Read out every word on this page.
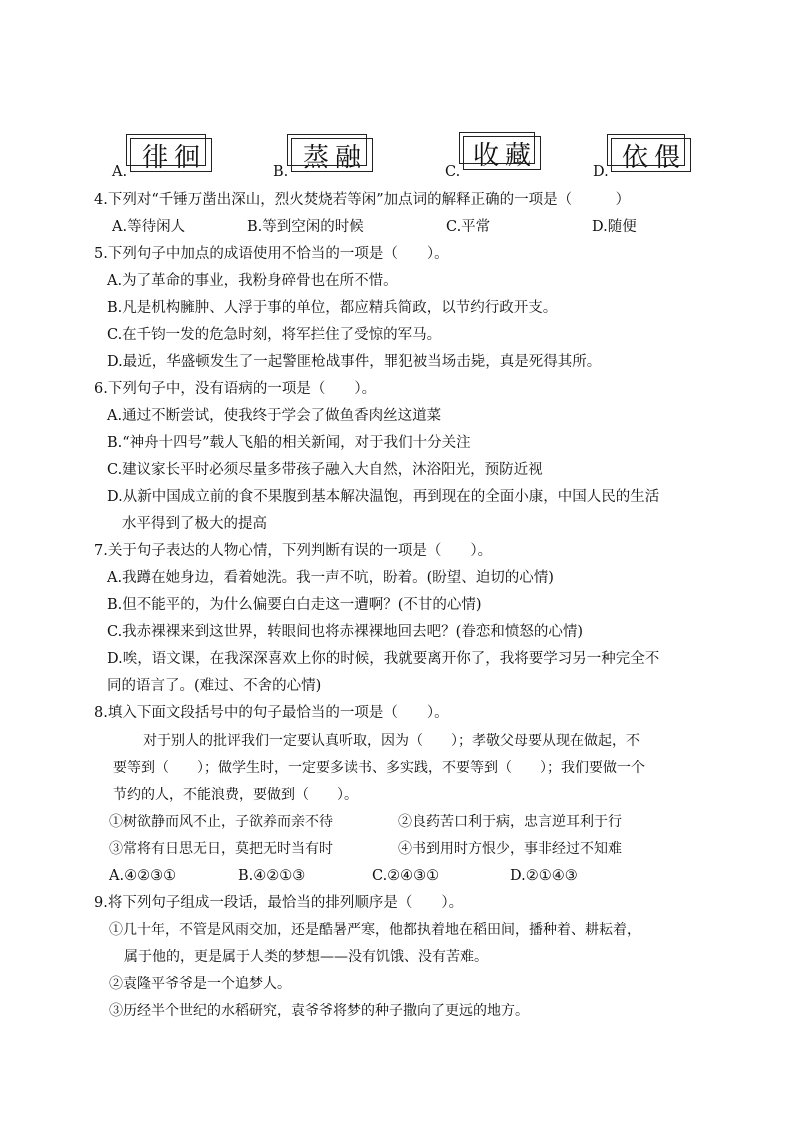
A. 徘徊	B. 蒸融	C.
收藏
D. 依偎
4.下列对“千锤万凿出深山，烈火焚烧若等闲”加点词的解释正确的一项是（　　　）
A.等待闲人	B.等到空闲的时候	C.平常	D.随便
5.下列句子中加点的成语使用不恰当的一项是（　　）。
A.为了革命的事业，我粉身碎骨也在所不惜。
B.凡是机构臃肿、人浮于事的单位，都应精兵简政，以节约行政开支。
C.在千钧一发的危急时刻，将军拦住了受惊的军马。
D.最近，华盛顿发生了一起警匪枪战事件，罪犯被当场击毙，真是死得其所。
6.下列句子中，没有语病的一项是（　　）。
A.通过不断尝试，使我终于学会了做鱼香肉丝这道菜
B.“神舟十四号”载人飞船的相关新闻，对于我们十分关注
C.建议家长平时必须尽量多带孩子融入大自然，沐浴阳光，预防近视
D.从新中国成立前的食不果腹到基本解决温饱，再到现在的全面小康，中国人民的生活
水平得到了极大的提高
7.关于句子表达的人物心情，下列判断有误的一项是（　　）。
A.我蹲在她身边，看着她洗。我一声不吭，盼着。(盼望、迫切的心情)
B.但不能平的，为什么偏要白白走这一遭啊？(不甘的心情)
C.我赤裸裸来到这世界，转眼间也将赤裸裸地回去吧？(眷恋和愤怒的心情)
D.唉，语文课，在我深深喜欢上你的时候，我就要离开你了，我将要学习另一种完全不
同的语言了。(难过、不舍的心情)
8.填入下面文段括号中的句子最恰当的一项是（　　）。
对于别人的批评我们一定要认真听取，因为（　　）；孝敬父母要从现在做起，不
要等到（　　）；做学生时，一定要多读书、多实践，不要等到（　　）；我们要做一个
节约的人，不能浪费，要做到（　　）。
①树欲静而风不止，子欲养而亲不待	②良药苦口利于病，忠言逆耳利于行
③常将有日思无日，莫把无时当有时	④书到用时方恨少，事非经过不知难
A.④②③①	B.④②①③	C.②④③①	D.②①④③
9.将下列句子组成一段话，最恰当的排列顺序是（　　）。
①几十年，不管是风雨交加，还是酷暑严寒，他都执着地在稻田间，播种着、耕耘着，
属于他的，更是属于人类的梦想——没有饥饿、没有苦难。
②袁隆平爷爷是一个追梦人。
③历经半个世纪的水稻研究，袁爷爷将梦的种子撒向了更远的地方。
